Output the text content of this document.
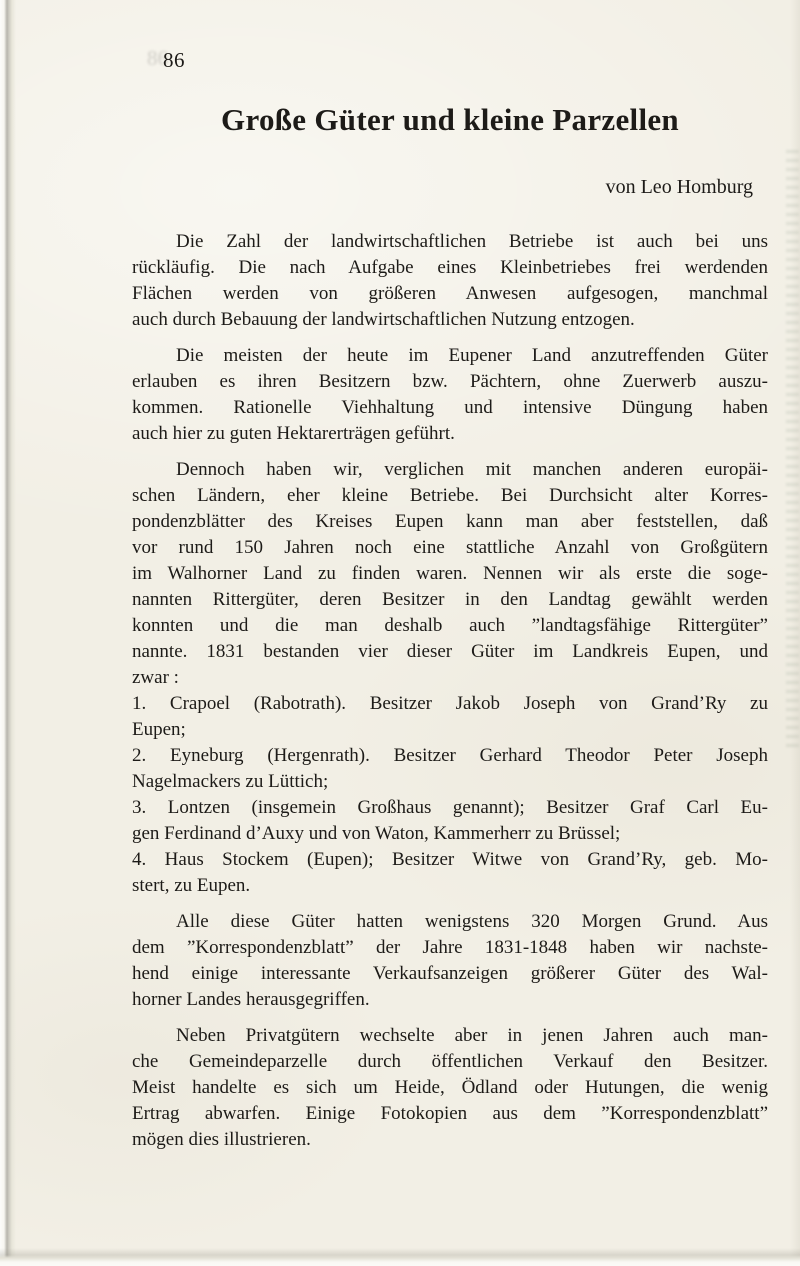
86
86
Große Güter und kleine Parzellen
von Leo Homburg
Die Zahl der landwirtschaftlichen Betriebe ist auch bei uns
rückläufig. Die nach Aufgabe eines Kleinbetriebes frei werdenden
Flächen werden von größeren Anwesen aufgesogen, manchmal
auch durch Bebauung der landwirtschaftlichen Nutzung entzogen.
Die meisten der heute im Eupener Land anzutreffenden Güter
erlauben es ihren Besitzern bzw. Pächtern, ohne Zuerwerb auszu-
kommen. Rationelle Viehhaltung und intensive Düngung haben
auch hier zu guten Hektarerträgen geführt.
Dennoch haben wir, verglichen mit manchen anderen europäi-
schen Ländern, eher kleine Betriebe. Bei Durchsicht alter Korres-
pondenzblätter des Kreises Eupen kann man aber feststellen, daß
vor rund 150 Jahren noch eine stattliche Anzahl von Großgütern
im Walhorner Land zu finden waren. Nennen wir als erste die soge-
nannten Rittergüter, deren Besitzer in den Landtag gewählt werden
konnten und die man deshalb auch ”landtagsfähige Rittergüter”
nannte. 1831 bestanden vier dieser Güter im Landkreis Eupen, und
zwar :
1. Crapoel (Rabotrath). Besitzer Jakob Joseph von Grand’Ry zu
Eupen;
2. Eyneburg (Hergenrath). Besitzer Gerhard Theodor Peter Joseph
Nagelmackers zu Lüttich;
3. Lontzen (insgemein Großhaus genannt); Besitzer Graf Carl Eu-
gen Ferdinand d’Auxy und von Waton, Kammerherr zu Brüssel;
4. Haus Stockem (Eupen); Besitzer Witwe von Grand’Ry, geb. Mo-
stert, zu Eupen.
Alle diese Güter hatten wenigstens 320 Morgen Grund. Aus
dem ”Korrespondenzblatt” der Jahre 1831-1848 haben wir nachste-
hend einige interessante Verkaufsanzeigen größerer Güter des Wal-
horner Landes herausgegriffen.
Neben Privatgütern wechselte aber in jenen Jahren auch man-
che Gemeindeparzelle durch öffentlichen Verkauf den Besitzer.
Meist handelte es sich um Heide, Ödland oder Hutungen, die wenig
Ertrag abwarfen. Einige Fotokopien aus dem ”Korrespondenzblatt”
mögen dies illustrieren.
